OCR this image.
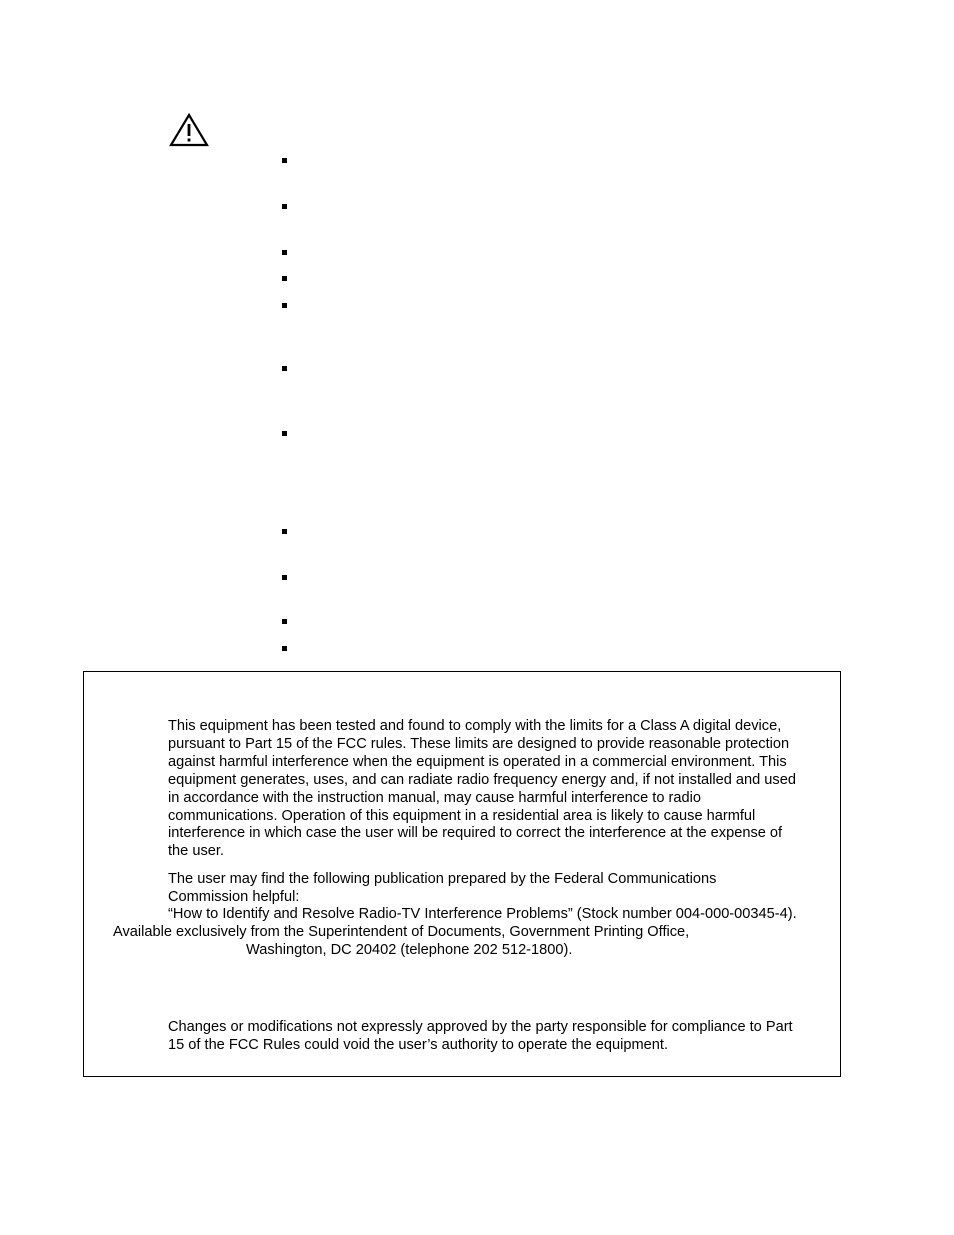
This equipment has been tested and found to comply with the limits for a Class A digital device,
pursuant to Part 15 of the FCC rules. These limits are designed to provide reasonable protection
against harmful interference when the equipment is operated in a commercial environment. This
equipment generates, uses, and can radiate radio frequency energy and, if not installed and used
in accordance with the instruction manual, may cause harmful interference to radio
communications. Operation of this equipment in a residential area is likely to cause harmful
interference in which case the user will be required to correct the interference at the expense of
the user.
The user may find the following publication prepared by the Federal Communications
Commission helpful:
“How to Identify and Resolve Radio-TV Interference Problems” (Stock number 004-000-00345-4).
Available exclusively from the Superintendent of Documents, Government Printing Office,
Washington, DC 20402 (telephone 202 512-1800).
Changes or modifications not expressly approved by the party responsible for compliance to Part
15 of the FCC Rules could void the user’s authority to operate the equipment.
